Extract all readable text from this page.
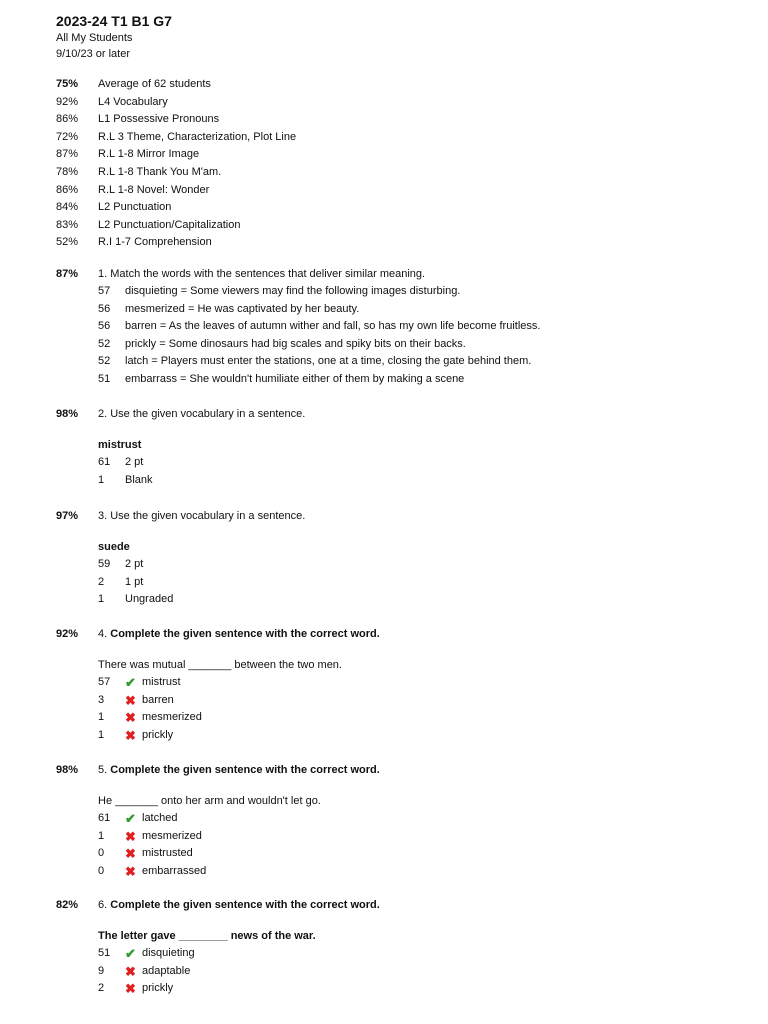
2023-24 T1 B1 G7
All My Students
9/10/23 or later
75%	Average of 62 students
92%	L4 Vocabulary
86%	L1 Possessive Pronouns
72%	R.L 3 Theme, Characterization, Plot Line
87%	R.L 1-8 Mirror Image
78%	R.L 1-8 Thank You M'am.
86%	R.L 1-8 Novel: Wonder
84%	L2 Punctuation
83%	L2 Punctuation/Capitalization
52%	R.I 1-7 Comprehension
87%	1. Match the words with the sentences that deliver similar meaning.
57	disquieting = Some viewers may find the following images disturbing.
56	mesmerized = He was captivated by her beauty.
56	barren = As the leaves of autumn wither and fall, so has my own life become fruitless.
52	prickly = Some dinosaurs had big scales and spiky bits on their backs.
52	latch = Players must enter the stations, one at a time, closing the gate behind them.
51	embarrass = She wouldn't humiliate either of them by making a scene
98%	2. Use the given vocabulary in a sentence.
mistrust
61	2 pt
1	Blank
97%	3. Use the given vocabulary in a sentence.
suede
59	2 pt
2	1 pt
1	Ungraded
92%	4. Complete the given sentence with the correct word.
There was mutual _______ between the two men.
57	✔ mistrust
3	✖ barren
1	✖ mesmerized
1	✖ prickly
98%	5. Complete the given sentence with the correct word.
He _______ onto her arm and wouldn't let go.
61	✔ latched
1	✖ mesmerized
0	✖ mistrusted
0	✖ embarrassed
82%	6. Complete the given sentence with the correct word.
The letter gave ________ news of the war.
51	✔ disquieting
9	✖ adaptable
2	✖ prickly
